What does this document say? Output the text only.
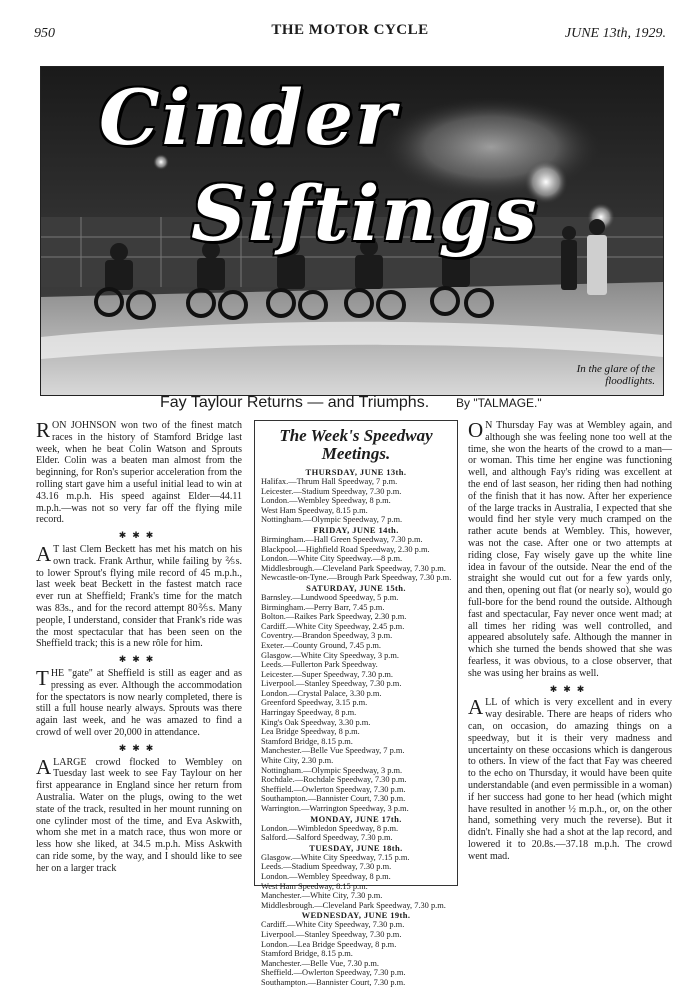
950	THE MOTOR CYCLE	JUNE 13th, 1929.
Cinder
Siftings
In the glare of the floodlights.
Fay Taylour Returns — and Triumphs. By "TALMAGE."

RON JOHNSON won two of the finest match races in the history of Stamford Bridge last week, when he beat Colin Watson and Sprouts Elder. Colin was a beaten man almost from the beginning, for Ron's superior acceleration from the rolling start gave him a useful initial lead to win at 43.16 m.p.h. His speed against Elder—44.11 m.p.h.—was not so very far off the flying mile record.

✱✱✱

A T last Clem Beckett has met his match on his own track. Frank Arthur, while failing by ⅖s. to lower Sprout's flying mile record of 45 m.p.h., last week beat Beckett in the fastest match race ever run at Sheffield; Frank's time for the match was 83s., and for the record attempt 80⅖s. Many people, I understand, consider that Frank's ride was the most spectacular that has been seen on the Sheffield track; this is a new rôle for him.

✱✱✱

THE "gate" at Sheffield is still as eager and as pressing as ever. Although the accommodation for the spectators is now nearly completed, there is still a full house nearly always. Sprouts was there again last week, and he was amazed to find a crowd of well over 20,000 in attendance.

✱✱✱

ALARGE crowd flocked to Wembley on Tuesday last week to see Fay Taylour on her first appearance in England since her return from Australia. Water on the plugs, owing to the wet state of the track, resulted in her mount running on one cylinder most of the time, and Eva Askwith, whom she met in a match race, thus won more or less how she liked, at 34.5 m.p.h. Miss Askwith can ride some, by the way, and I should like to see her on a larger track

The Week's Speedway
Meetings.
THURSDAY, JUNE 13th.
Halifax.—Thrum Hall Speedway, 7 p.m.
Leicester.—Stadium Speedway, 7.30 p.m.
London.—Wembley Speedway, 8 p.m.
West Ham Speedway, 8.15 p.m.
Nottingham.—Olympic Speedway, 7 p.m.
FRIDAY, JUNE 14th.
Birmingham.—Hall Green Speedway, 7.30 p.m.
Blackpool.—Highfield Road Speedway, 2.30 p.m.
London.—White City Speedway.—8 p.m.
Middlesbrough.—Cleveland Park Speedway, 7.30 p.m.
Newcastle-on-Tyne.—Brough Park Speedway, 7.30 p.m.
SATURDAY, JUNE 15th.
Barnsley.—Lundwood Speedway, 5 p.m.
Birmingham.—Perry Barr, 7.45 p.m.
Bolton.—Raikes Park Speedway, 2.30 p.m.
Cardiff.—White City Speedway, 2.45 p.m.
Coventry.—Brandon Speedway, 3 p.m.
Exeter.—County Ground, 7.45 p.m.
Glasgow.—White City Speedway, 3 p.m.
Leeds.—Fullerton Park Speedway.
Leicester.—Super Speedway, 7.30 p.m.
Liverpool.—Stanley Speedway, 7.30 p.m.
London.—Crystal Palace, 3.30 p.m.
Greenford Speedway, 3.15 p.m.
Harringay Speedway, 8 p.m.
King's Oak Speedway, 3.30 p.m.
Lea Bridge Speedway, 8 p.m.
Stamford Bridge, 8.15 p.m.
Manchester.—Belle Vue Speedway, 7 p.m.
White City, 2.30 p.m.
Nottingham.—Olympic Speedway, 3 p.m.
Rochdale.—Rochdale Speedway, 7.30 p.m.
Sheffield.—Owlerton Speedway, 7.30 p.m.
Southampton.—Bannister Court, 7.30 p.m.
Warrington.—Warrington Speedway, 3 p.m.
MONDAY, JUNE 17th.
London.—Wimbledon Speedway, 8 p.m.
Salford.—Salford Speedway, 7.30 p.m.
TUESDAY, JUNE 18th.
Glasgow.—White City Speedway, 7.15 p.m.
Leeds.—Stadium Speedway, 7.30 p.m.
London.—Wembley Speedway, 8 p.m.
West Ham Speedway, 8.15 p.m.
Manchester.—White City, 7.30 p.m.
Middlesbrough.—Cleveland Park Speedway, 7.30 p.m.
WEDNESDAY, JUNE 19th.
Cardiff.—White City Speedway, 7.30 p.m.
Liverpool.—Stanley Speedway, 7.30 p.m.
London.—Lea Bridge Speedway, 8 p.m.
Stamford Bridge, 8.15 p.m.
Manchester.—Belle Vue, 7.30 p.m.
Sheffield.—Owlerton Speedway, 7.30 p.m.
Southampton.—Bannister Court, 7.30 p.m.

O N Thursday Fay was at Wembley again, and although she was feeling none too well at the time, she won the hearts of the crowd to a man—or woman. This time her engine was functioning well, and although Fay's riding was excellent at the end of last season, her riding then had nothing of the finish that it has now. After her experience of the large tracks in Australia, I expected that she would find her style very much cramped on the rather acute bends at Wembley. This, however, was not the case. After one or two attempts at riding close, Fay wisely gave up the white line idea in favour of the outside. Near the end of the straight she would cut out for a few yards only, and then, opening out flat (or nearly so), would go full-bore for the bend round the outside. Although fast and spectacular, Fay never once went mad; at all times her riding was well controlled, and appeared absolutely safe. Although the manner in which she turned the bends showed that she was fearless, it was obvious, to a close observer, that she was using her brains as well.

✱✱✱

ALL of which is very excellent and in every way desirable. There are heaps of riders who can, on occasion, do amazing things on a speedway, but it is their very madness and uncertainty on these occasions which is dangerous to others. In view of the fact that Fay was cheered to the echo on Thursday, it would have been quite understandable (and even permissible in a woman) if her success had gone to her head (which might have resulted in another ½ m.p.h., or, on the other hand, something very much the reverse). But it didn't. Finally she had a shot at the lap record, and lowered it to 20.8s.—37.18 m.p.h. The crowd went mad.
